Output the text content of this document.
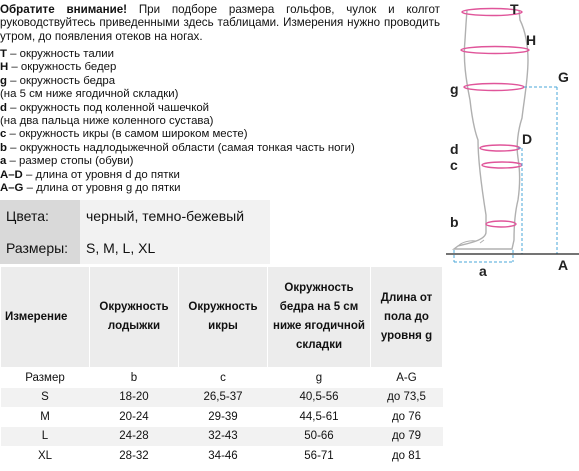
Обратите внимание! При подборе размера гольфов, чулок и колгот руководствуйтесь приведенными здесь таблицами. Измерения нужно проводить утром, до появления отеков на ногах.
T – окружность талии
H – окружность бедер
g – окружность бедра
(на 5 см ниже ягодичной складки)
d – окружность под коленной чашечкой
(на два пальца ниже коленного сустава)
c – окружность икры (в самом широком месте)
b – окружность надлодыжечной области (самая тонкая часть ноги)
a – размер стопы (обуви)
A–D – длина от уровня d до пятки
A–G – длина от уровня g до пятки
Цвета:	черный, темно-бежевый
Размеры:	S, M, L, XL
Измерение	Окружность лодыжки	Окружность икры	Окружность бедра на 5 см ниже ягодичной складки	Длина от пола до уровня g
Размер	b	c	g	A-G
S	18-20	26,5-37	40,5-56	до 73,5
M	20-24	29-39	44,5-61	до 76
L	24-28	32-43	50-66	до 79
XL	28-32	34-46	56-71	до 81
T
H
G
g
D
d
c
b
a	A
